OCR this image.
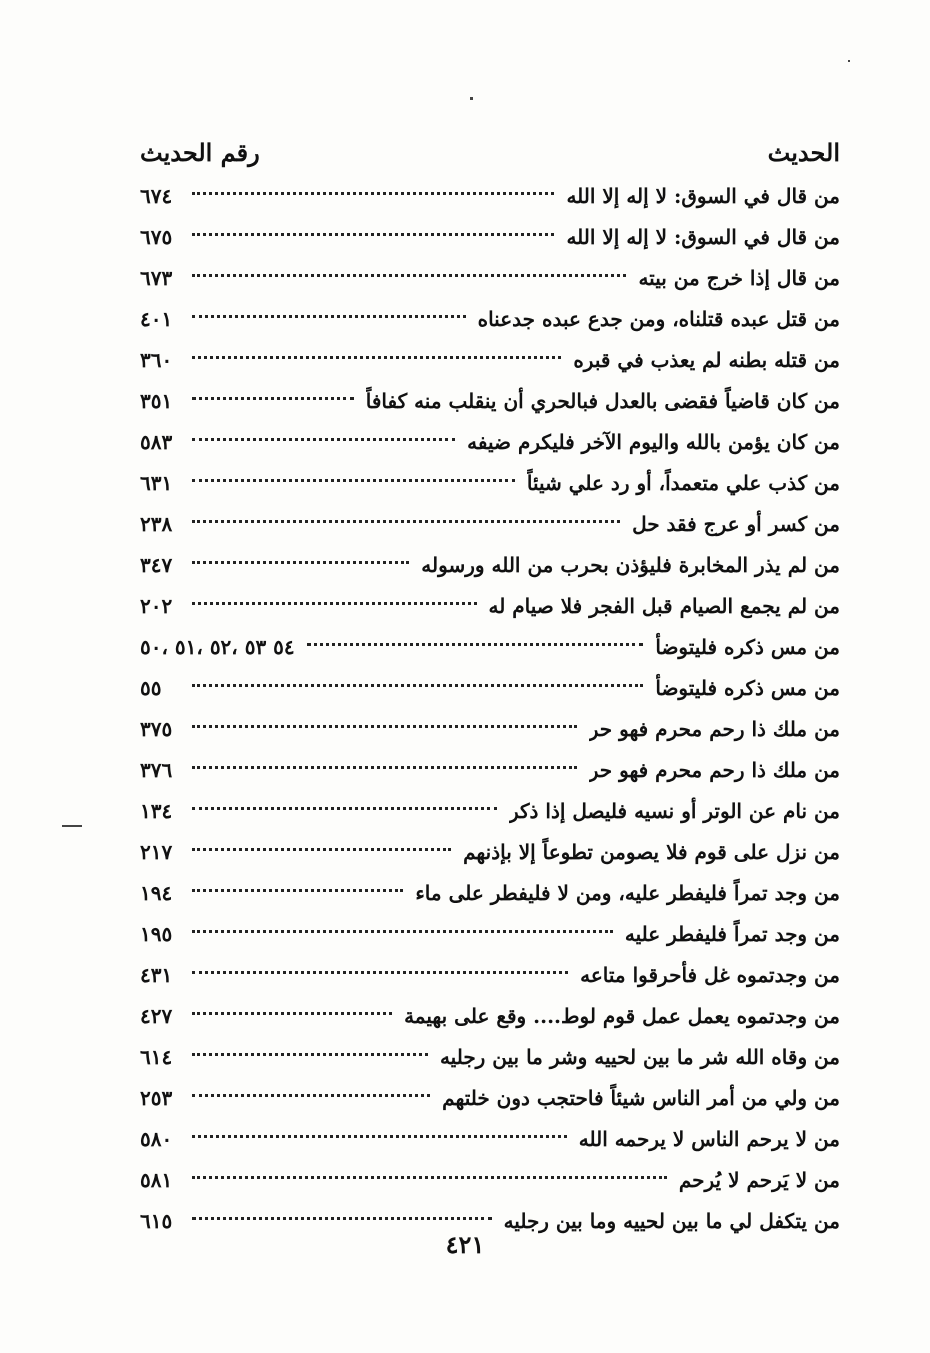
الحديث
رقم الحديث
من قال في السوق: لا إله إلا الله
٦٧٤
من قال في السوق: لا إله إلا الله
٦٧٥
من قال إذا خرج من بيته
٦٧٣
من قتل عبده قتلناه، ومن جدع عبده جدعناه
٤٠١
من قتله بطنه لم يعذب في قبره
٣٦٠
من كان قاضياً فقضى بالعدل فبالحري أن ينقلب منه كفافاً
٣٥١
من كان يؤمن بالله واليوم الآخر فليكرم ضيفه
٥٨٣
من كذب علي متعمداً، أو رد علي شيئاً
٦٣١
من كسر أو عرج فقد حل
٢٣٨
من لم يذر المخابرة فليؤذن بحرب من الله ورسوله
٣٤٧
من لم يجمع الصيام قبل الفجر فلا صيام له
٢٠٢
من مس ذكره فليتوضأ
٥٤ ٥٣ ،٥٢ ،٥١ ،٥٠
من مس ذكره فليتوضأ
٥٥
من ملك ذا رحم محرم فهو حر
٣٧٥
من ملك ذا رحم محرم فهو حر
٣٧٦
من نام عن الوتر أو نسيه فليصل إذا ذكر
١٣٤
من نزل على قوم فلا يصومن تطوعاً إلا بإذنهم
٢١٧
من وجد تمراً فليفطر عليه، ومن لا فليفطر على ماء
١٩٤
من وجد تمراً فليفطر عليه
١٩٥
من وجدتموه غل فأحرقوا متاعه
٤٣١
من وجدتموه يعمل عمل قوم لوط.... وقع على بهيمة
٤٢٧
من وقاه الله شر ما بين لحييه وشر ما بين رجليه
٦١٤
من ولي من أمر الناس شيئاً فاحتجب دون خلتهم
٢٥٣
من لا يرحم الناس لا يرحمه الله
٥٨٠
من لا يَرحم لا يُرحم
٥٨١
من يتكفل لي ما بين لحييه وما بين رجليه
٦١٥
٤٢١
